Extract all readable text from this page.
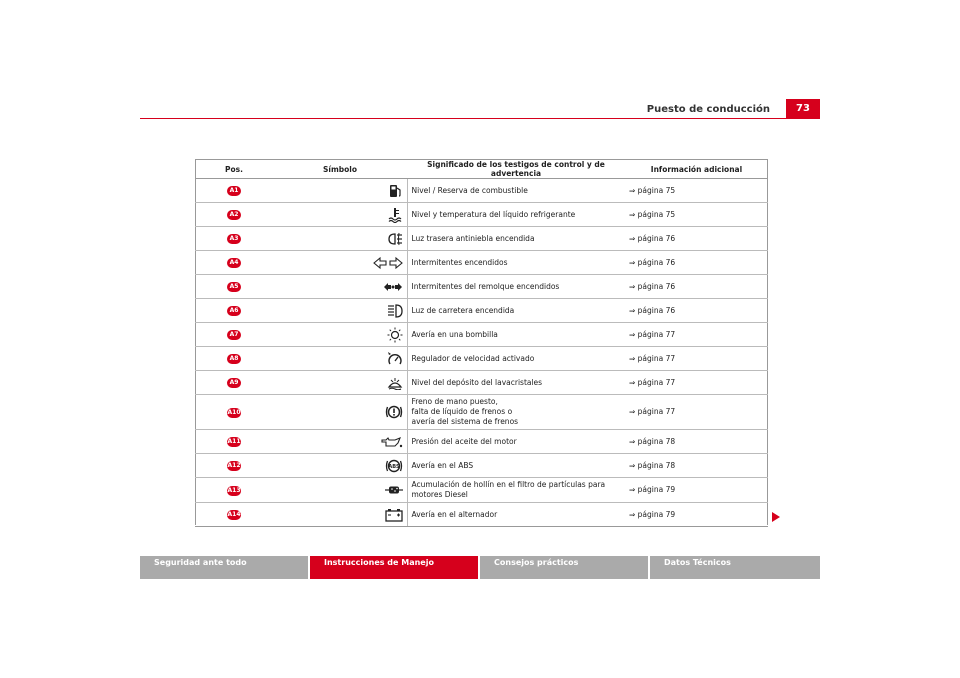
Puesto de conducción	73
Pos.	Símbolo	Significado de los testigos de control y de advertencia	Información adicional
A1		Nivel / Reserva de combustible	⇒ página 75
A2		Nivel y temperatura del líquido refrigerante	⇒ página 75
A3		Luz trasera antiniebla encendida	⇒ página 76
A4		Intermitentes encendidos	⇒ página 76
A5		Intermitentes del remolque encendidos	⇒ página 76
A6		Luz de carretera encendida	⇒ página 76
A7		Avería en una bombilla	⇒ página 77
A8		Regulador de velocidad activado	⇒ página 77
A9		Nivel del depósito del lavacristales	⇒ página 77
A10		Freno de mano puesto,
falta de líquido de frenos o
avería del sistema de frenos	⇒ página 77
A11		Presión del aceite del motor	⇒ página 78
A12	ABS	Avería en el ABS	⇒ página 78
A13		Acumulación de hollín en el filtro de partículas para motores Diesel	⇒ página 79
A14		Avería en el alternador	⇒ página 79
Seguridad ante todo	Instrucciones de Manejo	Consejos prácticos	Datos Técnicos
